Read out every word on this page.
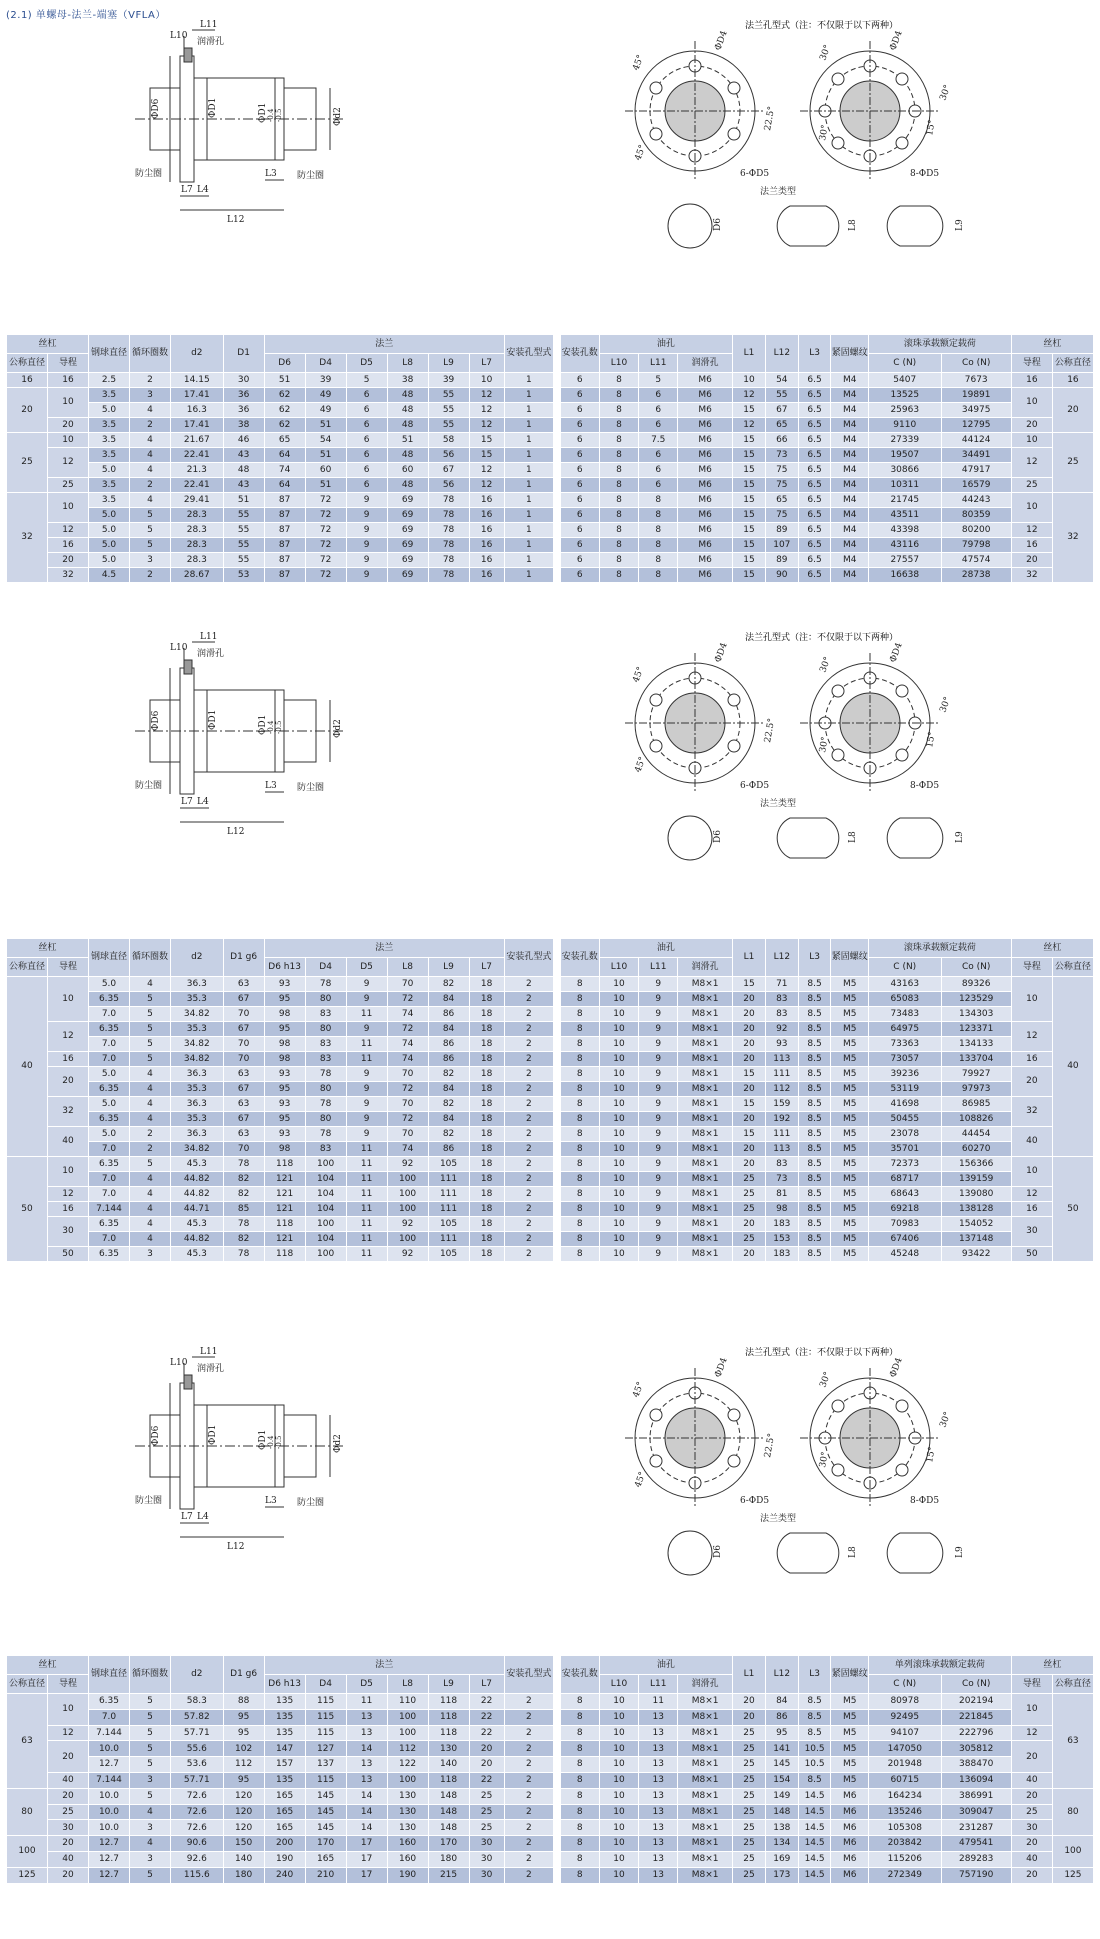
(2.1) 单螺母-法兰-端塞（VFLA）
ΦD6	ΦD1	ΦD1 -0.4 -0.5	Φd2
润滑孔
防尘圈	防尘圈
L10
L11
L7 L4
L3
L12
法兰孔型式（注：不仅限于以下两种）
45°
45°
ΦD4
22.5°
6-ΦD5
30°
30°
30°
15°
ΦD4
8-ΦD5
法兰类型
D6	L8	L9
丝杠		钢球直径	循环圈数	d2	D1	法兰						安装孔型式		安装孔数	油孔			L1	L12	L3	紧固螺纹	滚珠承载额定载荷		丝杠	
公称直径	导程					D6	D4	D5	L8	L9	L7				L10	L11	润滑孔					C (N)	Co (N)	导程	公称直径
16	16	2.5	2	14.15	30	51	39	5	38	39	10	1		6	8	5	M6	10	54	6.5	M4	5407	7673	16	16
20	10	3.5	3	17.41	36	62	49	6	48	55	12	1		6	8	6	M6	12	55	6.5	M4	13525	19891	10	20
		5.0	4	16.3	36	62	49	6	48	55	12	1		6	8	6	M6	15	67	6.5	M4	25963	34975		
	20	3.5	2	17.41	38	62	51	6	48	55	12	1		6	8	6	M6	12	65	6.5	M4	9110	12795	20	
25	10	3.5	4	21.67	46	65	54	6	51	58	15	1		6	8	7.5	M6	15	66	6.5	M4	27339	44124	10	25
	12	3.5	4	22.41	43	64	51	6	48	56	15	1		6	8	6	M6	15	73	6.5	M4	19507	34491	12	
		5.0	4	21.3	48	74	60	6	60	67	12	1		6	8	6	M6	15	75	6.5	M4	30866	47917		
	25	3.5	2	22.41	43	64	51	6	48	56	12	1		6	8	6	M6	15	75	6.5	M4	10311	16579	25	
32	10	3.5	4	29.41	51	87	72	9	69	78	16	1		6	8	8	M6	15	65	6.5	M4	21745	44243	10	32
		5.0	5	28.3	55	87	72	9	69	78	16	1		6	8	8	M6	15	75	6.5	M4	43511	80359		
	12	5.0	5	28.3	55	87	72	9	69	78	16	1		6	8	8	M6	15	89	6.5	M4	43398	80200	12	
	16	5.0	5	28.3	55	87	72	9	69	78	16	1		6	8	8	M6	15	107	6.5	M4	43116	79798	16	
	20	5.0	3	28.3	55	87	72	9	69	78	16	1		6	8	8	M6	15	89	6.5	M4	27557	47574	20	
	32	4.5	2	28.67	53	87	72	9	69	78	16	1		6	8	8	M6	15	90	6.5	M4	16638	28738	32	
ΦD6	ΦD1	ΦD1 -0.4 -0.5	Φd2
润滑孔
防尘圈	防尘圈
L10
L11
L7 L4
L3
L12
法兰孔型式（注：不仅限于以下两种）
45°
45°
ΦD4
22.5°
6-ΦD5
30°
30°
30°
15°
ΦD4
8-ΦD5
法兰类型
D6	L8	L9
丝杠		钢球直径	循环圈数	d2	D1 g6	法兰						安装孔型式		安装孔数	油孔			L1	L12	L3	紧固螺纹	滚珠承载额定载荷		丝杠	
公称直径	导程					D6 h13	D4	D5	L8	L9	L7				L10	L11	润滑孔					C (N)	Co (N)	导程	公称直径
40	10	5.0	4	36.3	63	93	78	9	70	82	18	2		8	10	9	M8×1	15	71	8.5	M5	43163	89326	10	40
		6.35	5	35.3	67	95	80	9	72	84	18	2		8	10	9	M8×1	20	83	8.5	M5	65083	123529		
		7.0	5	34.82	70	98	83	11	74	86	18	2		8	10	9	M8×1	20	83	8.5	M5	73483	134303		
	12	6.35	5	35.3	67	95	80	9	72	84	18	2		8	10	9	M8×1	20	92	8.5	M5	64975	123371	12	
		7.0	5	34.82	70	98	83	11	74	86	18	2		8	10	9	M8×1	20	93	8.5	M5	73363	134133		
	16	7.0	5	34.82	70	98	83	11	74	86	18	2		8	10	9	M8×1	20	113	8.5	M5	73057	133704	16	
	20	5.0	4	36.3	63	93	78	9	70	82	18	2		8	10	9	M8×1	15	111	8.5	M5	39236	79927	20	
		6.35	4	35.3	67	95	80	9	72	84	18	2		8	10	9	M8×1	20	112	8.5	M5	53119	97973		
	32	5.0	4	36.3	63	93	78	9	70	82	18	2		8	10	9	M8×1	15	159	8.5	M5	41698	86985	32	
		6.35	4	35.3	67	95	80	9	72	84	18	2		8	10	9	M8×1	20	192	8.5	M5	50455	108826		
	40	5.0	2	36.3	63	93	78	9	70	82	18	2		8	10	9	M8×1	15	111	8.5	M5	23078	44454	40	
		7.0	2	34.82	70	98	83	11	74	86	18	2		8	10	9	M8×1	20	113	8.5	M5	35701	60270		
50	10	6.35	5	45.3	78	118	100	11	92	105	18	2		8	10	9	M8×1	20	83	8.5	M5	72373	156366	10	50
		7.0	4	44.82	82	121	104	11	100	111	18	2		8	10	9	M8×1	25	73	8.5	M5	68717	139159		
	12	7.0	4	44.82	82	121	104	11	100	111	18	2		8	10	9	M8×1	25	81	8.5	M5	68643	139080	12	
	16	7.144	4	44.71	85	121	104	11	100	111	18	2		8	10	9	M8×1	25	98	8.5	M5	69218	138128	16	
	30	6.35	4	45.3	78	118	100	11	92	105	18	2		8	10	9	M8×1	20	183	8.5	M5	70983	154052	30	
		7.0	4	44.82	82	121	104	11	100	111	18	2		8	10	9	M8×1	25	153	8.5	M5	67406	137148		
	50	6.35	3	45.3	78	118	100	11	92	105	18	2		8	10	9	M8×1	20	183	8.5	M5	45248	93422	50	
ΦD6	ΦD1	ΦD1 -0.4 -0.5	Φd2
润滑孔
防尘圈	防尘圈
L10
L11
L7 L4
L3
L12
法兰孔型式（注：不仅限于以下两种）
45°
45°
ΦD4
22.5°
6-ΦD5
30°
30°
30°
15°
ΦD4
8-ΦD5
法兰类型
D6	L8	L9
丝杠		钢球直径	循环圈数	d2	D1 g6	法兰						安装孔型式		安装孔数	油孔			L1	L12	L3	紧固螺纹	单列滚珠承载额定载荷		丝杠	
公称直径	导程					D6 h13	D4	D5	L8	L9	L7				L10	L11	润滑孔					C (N)	Co (N)	导程	公称直径
63	10	6.35	5	58.3	88	135	115	11	110	118	22	2		8	10	11	M8×1	20	84	8.5	M5	80978	202194	10	63
		7.0	5	57.82	95	135	115	13	100	118	22	2		8	10	13	M8×1	20	86	8.5	M5	92495	221845		
	12	7.144	5	57.71	95	135	115	13	100	118	22	2		8	10	13	M8×1	25	95	8.5	M5	94107	222796	12	
	20	10.0	5	55.6	102	147	127	14	112	130	20	2		8	10	13	M8×1	25	141	10.5	M5	147050	305812	20	
		12.7	5	53.6	112	157	137	13	122	140	20	2		8	10	13	M8×1	25	145	10.5	M5	201948	388470		
	40	7.144	3	57.71	95	135	115	13	100	118	22	2		8	10	13	M8×1	25	154	8.5	M5	60715	136094	40	
80	20	10.0	5	72.6	120	165	145	14	130	148	25	2		8	10	13	M8×1	25	149	14.5	M6	164234	386991	20	80
	25	10.0	4	72.6	120	165	145	14	130	148	25	2		8	10	13	M8×1	25	148	14.5	M6	135246	309047	25	
	30	10.0	3	72.6	120	165	145	14	130	148	25	2		8	10	13	M8×1	25	138	14.5	M6	105308	231287	30	
100	20	12.7	4	90.6	150	200	170	17	160	170	30	2		8	10	13	M8×1	25	134	14.5	M6	203842	479541	20	100
	40	12.7	3	92.6	140	190	165	17	160	180	30	2		8	10	13	M8×1	25	169	14.5	M6	115206	289283	40	
125	20	12.7	5	115.6	180	240	210	17	190	215	30	2		8	10	13	M8×1	25	173	14.5	M6	272349	757190	20	125
